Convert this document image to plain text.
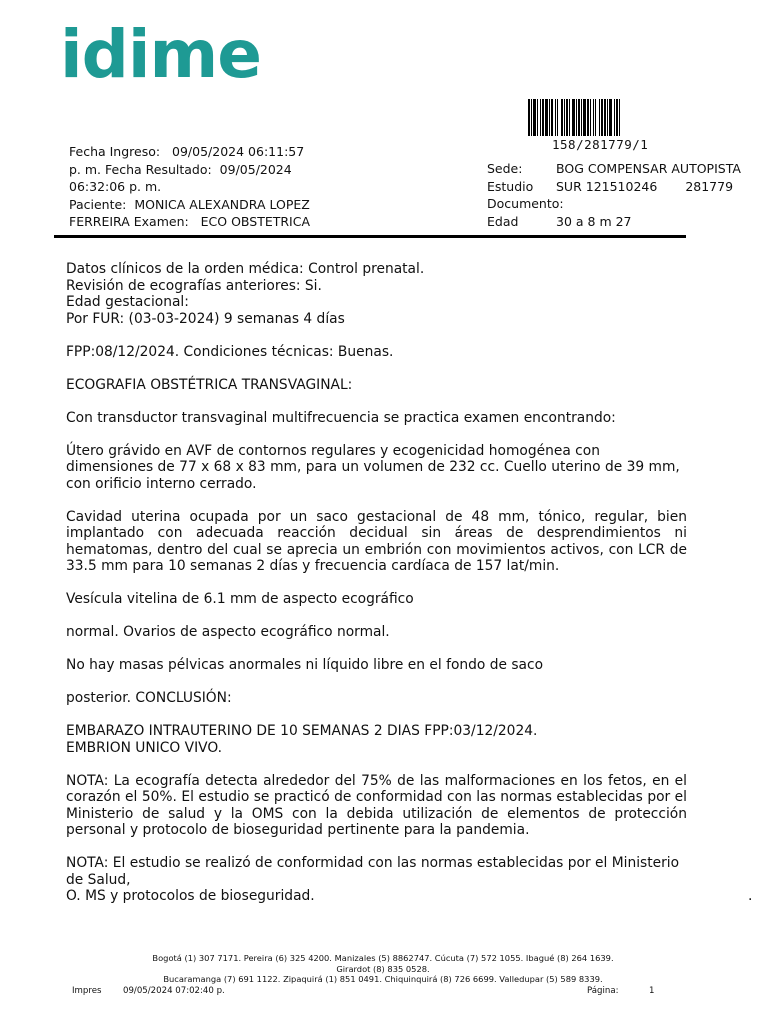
idime
158/281779/1
Fecha Ingreso: 09/05/2024 06:11:57
p. m. Fecha Resultado: 09/05/2024
06:32:06 p. m.
Paciente: MONICA ALEXANDRA LOPEZ
FERREIRA Examen: ECO OBSTETRICA
Sede:	BOG COMPENSAR AUTOPISTA
Estudio	SUR 121510246 281779
Documento:
Edad	30 a 8 m 27

Datos clínicos de la orden médica: Control prenatal.
Revisión de ecografías anteriores: Si.
Edad gestacional:
Por FUR: (03-03-2024) 9 semanas 4 días

FPP:08/12/2024. Condiciones técnicas: Buenas.

ECOGRAFIA OBSTÉTRICA TRANSVAGINAL:

Con transductor transvaginal multifrecuencia se practica examen encontrando:

Útero grávido en AVF de contornos regulares y ecogenicidad homogénea con dimensiones de 77 x 68 x 83 mm, para un volumen de 232 cc. Cuello uterino de 39 mm, con orificio interno cerrado.

Cavidad uterina ocupada por un saco gestacional de 48 mm, tónico, regular, bien implantado con adecuada reacción decidual sin áreas de desprendimientos ni hematomas, dentro del cual se aprecia un embrión con movimientos activos, con LCR de 33.5 mm para 10 semanas 2 días y frecuencia cardíaca de 157 lat/min.

Vesícula vitelina de 6.1 mm de aspecto ecográfico

normal. Ovarios de aspecto ecográfico normal.

No hay masas pélvicas anormales ni líquido libre en el fondo de saco

posterior. CONCLUSIÓN:

EMBARAZO INTRAUTERINO DE 10 SEMANAS 2 DIAS FPP:03/12/2024.
EMBRION UNICO VIVO.

NOTA: La ecografía detecta alrededor del 75% de las malformaciones en los fetos, en el corazón el 50%. El estudio se practicó de conformidad con las normas establecidas por el Ministerio de salud y la OMS con la debida utilización de elementos de protección personal y protocolo de bioseguridad pertinente para la pandemia.

NOTA: El estudio se realizó de conformidad con las normas establecidas por el Ministerio de Salud,
O. MS y protocolos de bioseguridad.	.
Bogotá (1) 307 7171. Pereira (6) 325 4200. Manizales (5) 8862747. Cúcuta (7) 572 1055. Ibagué (8) 264 1639.
Girardot (8) 835 0528.
Bucaramanga (7) 691 1122. Zipaquirá (1) 851 0491. Chiquinquirá (8) 726 6699. Valledupar (5) 589 8339.
Impres	09/05/2024 07:02:40 p.	Página:	1
